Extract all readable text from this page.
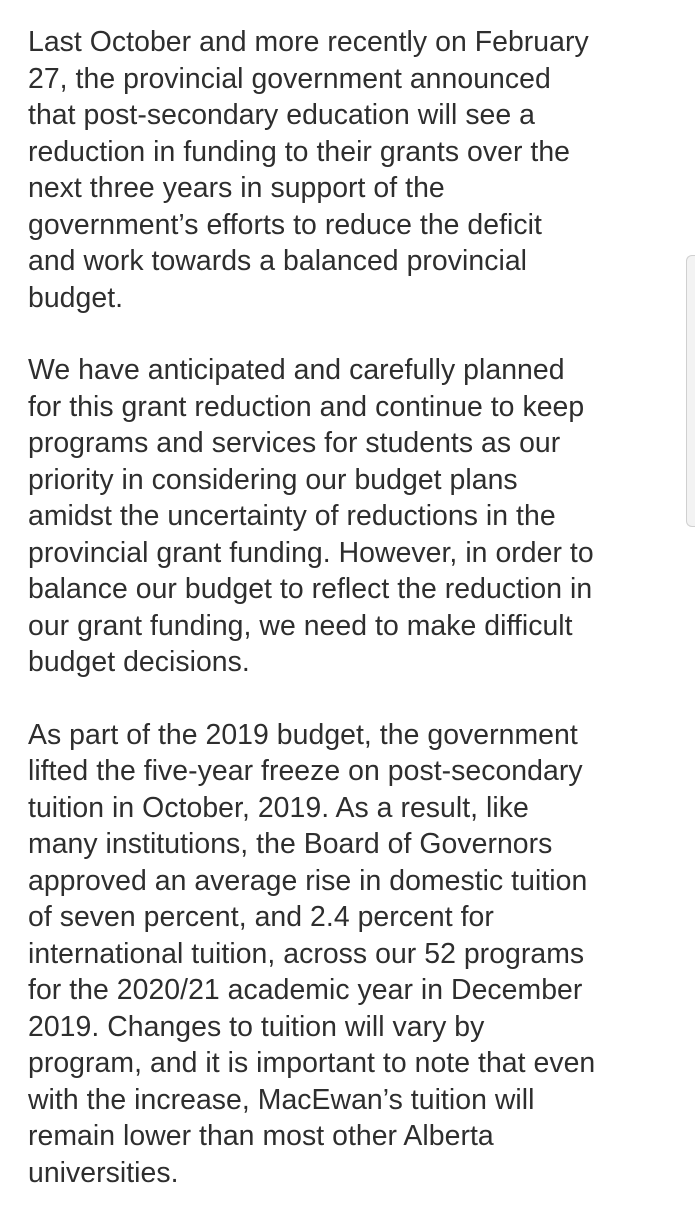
Last October and more recently on February
27, the provincial government announced
that post-secondary education will see a
reduction in funding to their grants over the
next three years in support of the
government’s efforts to reduce the deficit
and work towards a balanced provincial
budget.

We have anticipated and carefully planned
for this grant reduction and continue to keep
programs and services for students as our
priority in considering our budget plans
amidst the uncertainty of reductions in the
provincial grant funding. However, in order to
balance our budget to reflect the reduction in
our grant funding, we need to make difficult
budget decisions.

As part of the 2019 budget, the government
lifted the five-year freeze on post-secondary
tuition in October, 2019. As a result, like
many institutions, the Board of Governors
approved an average rise in domestic tuition
of seven percent, and 2.4 percent for
international tuition, across our 52 programs
for the 2020/21 academic year in December
2019. Changes to tuition will vary by
program, and it is important to note that even
with the increase, MacEwan’s tuition will
remain lower than most other Alberta
universities.
